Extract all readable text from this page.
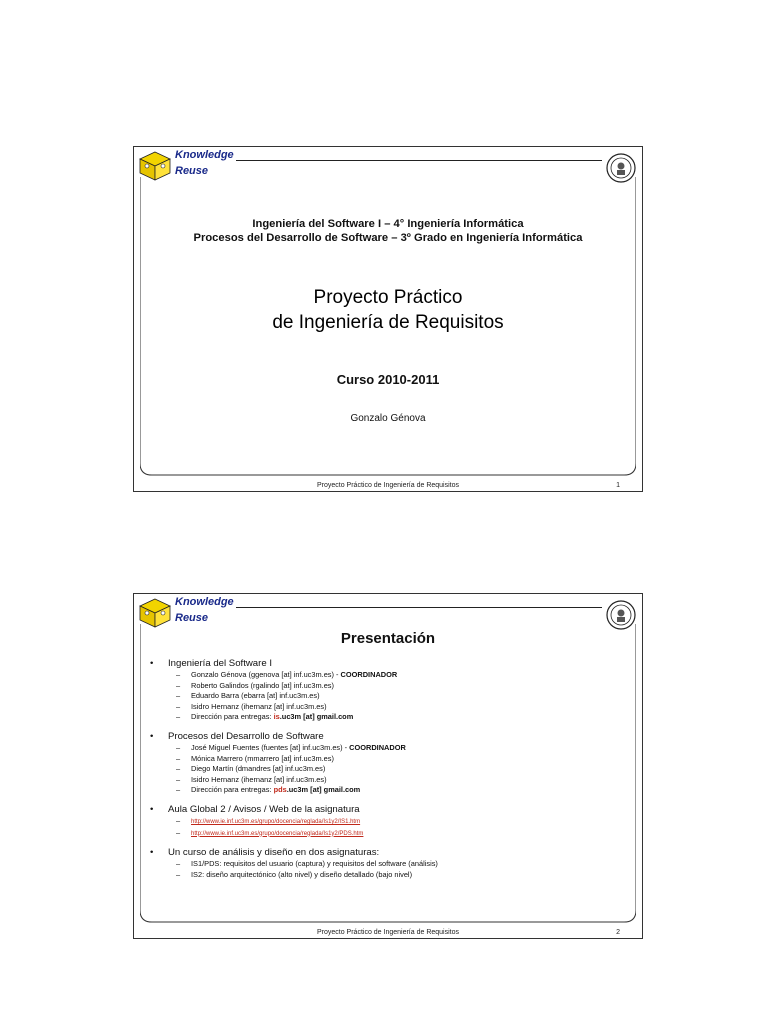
Knowledge
Reuse
Ingeniería del Software I – 4° Ingeniería Informática
Procesos del Desarrollo de Software – 3º Grado en Ingeniería Informática
Proyecto Práctico
de Ingeniería de Requisitos
Curso 2010-2011
Gonzalo Génova
Proyecto Práctico de Ingeniería de Requisitos	1
Knowledge
Reuse
Presentación
• Ingeniería del Software I
– Gonzalo Génova (ggenova [at] inf.uc3m.es) - COORDINADOR
– Roberto Galindos (rgalindo [at] inf.uc3m.es)
– Eduardo Barra (ebarra [at] inf.uc3m.es)
– Isidro Hernanz (ihernanz [at] inf.uc3m.es)
– Dirección para entregas: is.uc3m [at] gmail.com
• Procesos del Desarrollo de Software
– José Miguel Fuentes (fuentes [at] inf.uc3m.es) - COORDINADOR
– Mónica Marrero (mmarrero [at] inf.uc3m.es)
– Diego Martín (dmandres [at] inf.uc3m.es)
– Isidro Hernanz (ihernanz [at] inf.uc3m.es)
– Dirección para entregas: pds.uc3m [at] gmail.com
• Aula Global 2 / Avisos / Web de la asignatura
– http://www.ie.inf.uc3m.es/grupo/docencia/reglada/Is1y2/IS1.htm
– http://www.ie.inf.uc3m.es/grupo/docencia/reglada/Is1y2/PDS.htm
• Un curso de análisis y diseño en dos asignaturas:
– IS1/PDS: requisitos del usuario (captura) y requisitos del software (análisis)
– IS2: diseño arquitectónico (alto nivel) y diseño detallado (bajo nivel)
Proyecto Práctico de Ingeniería de Requisitos	2
